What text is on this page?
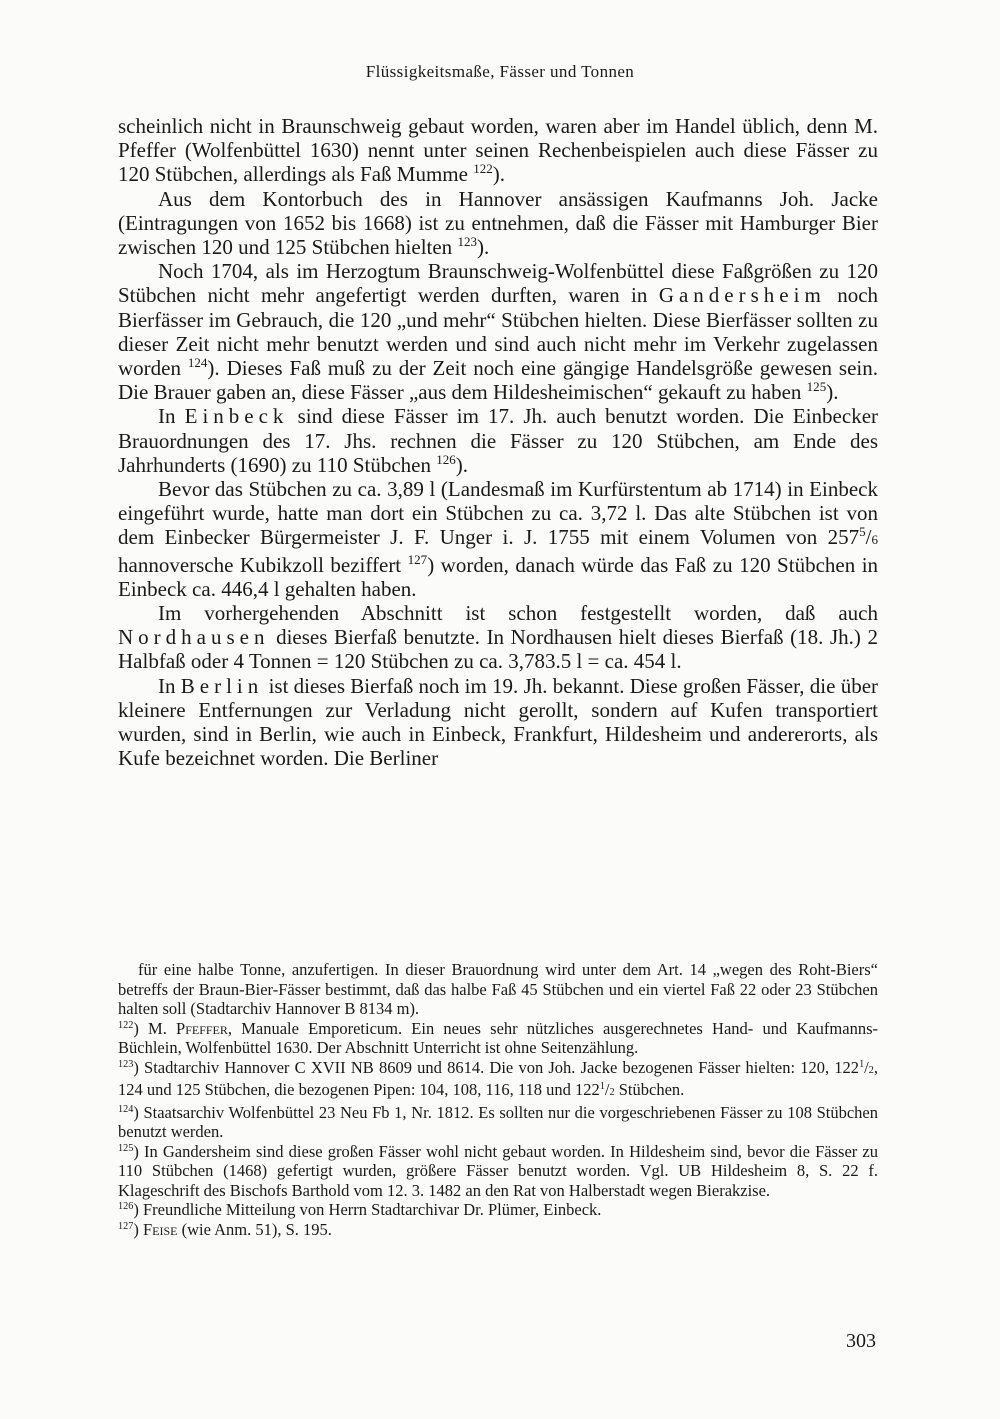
Flüssigkeitsmaße, Fässer und Tonnen

scheinlich nicht in Braunschweig gebaut worden, waren aber im Handel üblich, denn M. Pfeffer (Wolfenbüttel 1630) nennt unter seinen Rechenbeispielen auch diese Fässer zu 120 Stübchen, allerdings als Faß Mumme $^{122}$).

Aus dem Kontorbuch des in Hannover ansässigen Kaufmanns Joh. Jacke (Eintragungen von 1652 bis 1668) ist zu entnehmen, daß die Fässer mit Hamburger Bier zwischen 120 und 125 Stübchen hielten $^{123}$).

Noch 1704, als im Herzogtum Braunschweig-Wolfenbüttel diese Faßgrößen zu 120 Stübchen nicht mehr angefertigt werden durften, waren in Gandersheim noch Bierfässer im Gebrauch, die 120 „und mehr“ Stübchen hielten. Diese Bierfässer sollten zu dieser Zeit nicht mehr benutzt werden und sind auch nicht mehr im Verkehr zugelassen worden $^{124}$). Dieses Faß muß zu der Zeit noch eine gängige Handelsgröße gewesen sein. Die Brauer gaben an, diese Fässer „aus dem Hildesheimischen“ gekauft zu haben $^{125}$).

In Einbeck sind diese Fässer im 17. Jh. auch benutzt worden. Die Einbecker Brauordnungen des 17. Jhs. rechnen die Fässer zu 120 Stübchen, am Ende des Jahrhunderts (1690) zu 110 Stübchen $^{126}$).

Bevor das Stübchen zu ca. 3,89 l (Landesmaß im Kurfürstentum ab 1714) in Einbeck eingeführt wurde, hatte man dort ein Stübchen zu ca. 3,72 l. Das alte Stübchen ist von dem Einbecker Bürgermeister J. F. Unger i. J. 1755 mit einem Volumen von $257^5/6$ hannoversche Kubikzoll beziffert $^{127}$) worden, danach würde das Faß zu 120 Stübchen in Einbeck ca. 446,4 l gehalten haben.

Im vorhergehenden Abschnitt ist schon festgestellt worden, daß auch Nordhausen dieses Bierfaß benutzte. In Nordhausen hielt dieses Bierfaß (18. Jh.) 2 Halbfaß oder 4 Tonnen = 120 Stübchen zu ca. 3,783.5 l = ca. 454 l.

In Berlin ist dieses Bierfaß noch im 19. Jh. bekannt. Diese großen Fässer, die über kleinere Entfernungen zur Verladung nicht gerollt, sondern auf Kufen transportiert wurden, sind in Berlin, wie auch in Einbeck, Frankfurt, Hildesheim und andererorts, als Kufe bezeichnet worden. Die Berliner

für eine halbe Tonne, anzufertigen. In dieser Brauordnung wird unter dem Art. 14 „wegen des Roht-Biers“ betreffs der Braun-Bier-Fässer bestimmt, daß das halbe Faß 45 Stübchen und ein viertel Faß 22 oder 23 Stübchen halten soll (Stadtarchiv Hannover B 8134 m).

$^{122}$) M. Pfeffer, Manuale Emporeticum. Ein neues sehr nützliches ausgerechnetes Hand- und Kaufmanns-Büchlein, Wolfenbüttel 1630. Der Abschnitt Unterricht ist ohne Seitenzählung.

$^{123}$) Stadtarchiv Hannover C XVII NB 8609 und 8614. Die von Joh. Jacke bezogenen Fässer hielten: 120, $122^1/2$, 124 und 125 Stübchen, die bezogenen Pipen: 104, 108, 116, 118 und $122^1/2$ Stübchen.

$^{124}$) Staatsarchiv Wolfenbüttel 23 Neu Fb 1, Nr. 1812. Es sollten nur die vorgeschriebenen Fässer zu 108 Stübchen benutzt werden.

$^{125}$) In Gandersheim sind diese großen Fässer wohl nicht gebaut worden. In Hildesheim sind, bevor die Fässer zu 110 Stübchen (1468) gefertigt wurden, größere Fässer benutzt worden. Vgl. UB Hildesheim 8, S. 22 f. Klageschrift des Bischofs Barthold vom 12. 3. 1482 an den Rat von Halberstadt wegen Bierakzise.

$^{126}$) Freundliche Mitteilung von Herrn Stadtarchivar Dr. Plümer, Einbeck.

$^{127}$) Feise (wie Anm. 51), S. 195.

303
